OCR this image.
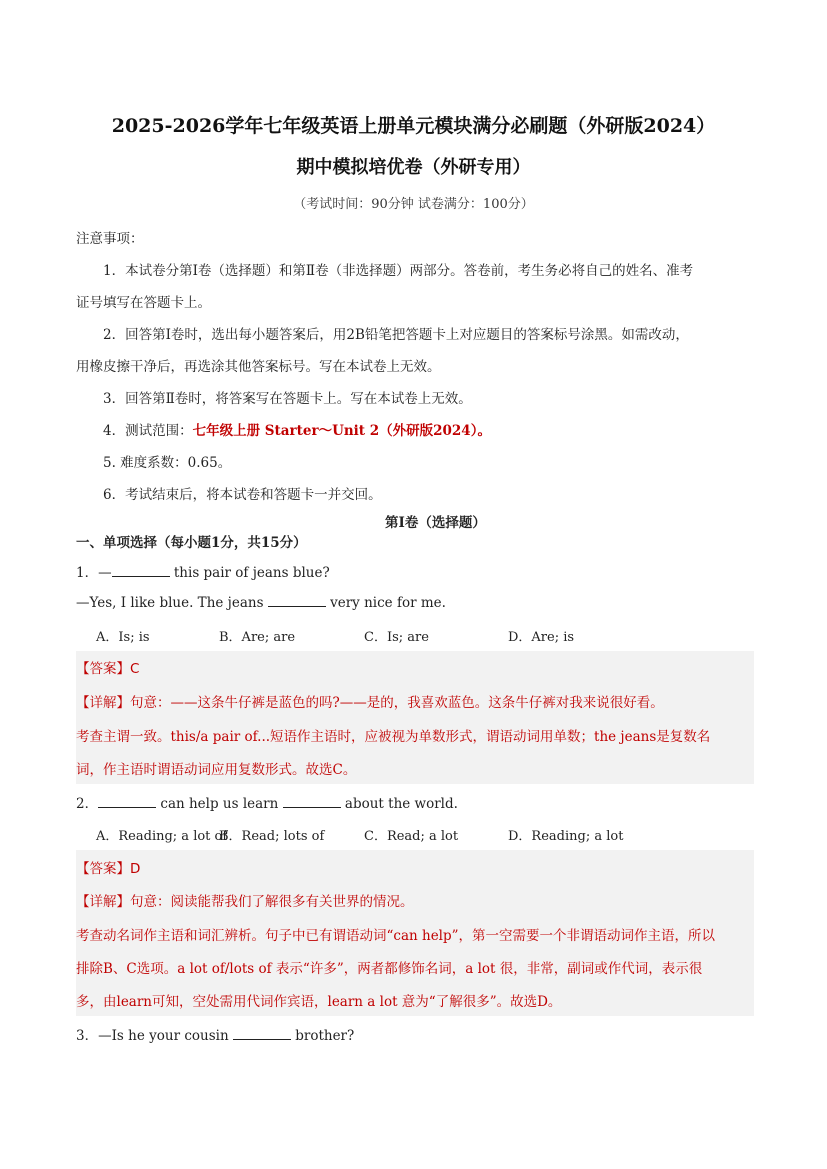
2025-2026学年七年级英语上册单元模块满分必刷题（外研版2024）
期中模拟培优卷（外研专用）
（考试时间：90分钟 试卷满分：100分）
注意事项：
1．本试卷分第Ⅰ卷（选择题）和第Ⅱ卷（非选择题）两部分。答卷前，考生务必将自己的姓名、准考
证号填写在答题卡上。
2．回答第Ⅰ卷时，选出每小题答案后，用2B铅笔把答题卡上对应题目的答案标号涂黑。如需改动，
用橡皮擦干净后，再选涂其他答案标号。写在本试卷上无效。
3．回答第Ⅱ卷时，将答案写在答题卡上。写在本试卷上无效。
4．测试范围：七年级上册 Starter～Unit 2（外研版2024）。
5. 难度系数：0.65。
6．考试结束后，将本试卷和答题卡一并交回。
第Ⅰ卷（选择题）
一、单项选择（每小题1分，共15分）
1．—	this pair of jeans blue?
—Yes, I like blue. The jeans	very nice for me.
A．Is; is	B．Are; are	C．Is; are	D．Are; is
【答案】C
【详解】句意：——这条牛仔裤是蓝色的吗?——是的，我喜欢蓝色。这条牛仔裤对我来说很好看。
考查主谓一致。this/a pair of...短语作主语时，应被视为单数形式，谓语动词用单数；the jeans是复数名
词，作主语时谓语动词应用复数形式。故选C。
2．	can help us learn	about the world.
A．Reading; a lot of
B．Read; lots of	C．Read; a lot	D．Reading; a lot
【答案】D
【详解】句意：阅读能帮我们了解很多有关世界的情况。
考查动名词作主语和词汇辨析。句子中已有谓语动词“can help”，第一空需要一个非谓语动词作主语，所以
排除B、C选项。a lot of/lots of 表示“许多”，两者都修饰名词，a lot 很，非常，副词或作代词，表示很
多，由learn可知，空处需用代词作宾语，learn a lot 意为“了解很多”。故选D。
3．—Is he your cousin	brother?
